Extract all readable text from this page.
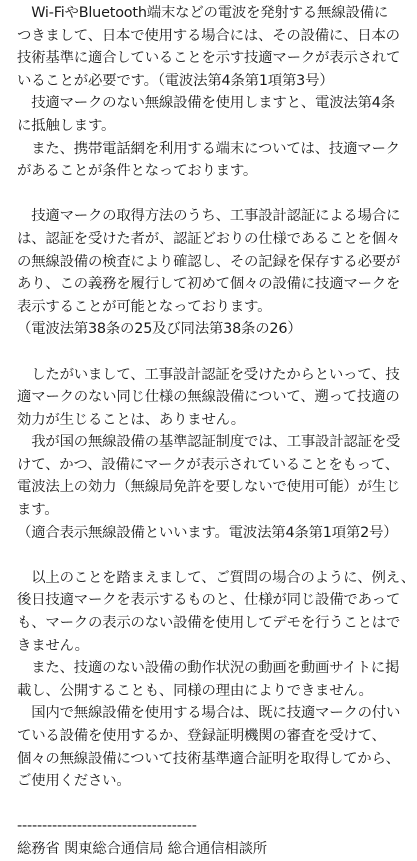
　Wi-FiやBluetooth端末などの電波を発射する無線設備に
つきまして、日本で使用する場合には、その設備に、日本の
技術基準に適合していることを示す技適マークが表示されて
いることが必要です。（電波法第4条第1項第3号）
　技適マークのない無線設備を使用しますと、電波法第4条
に抵触します。
　また、携帯電話網を利用する端末については、技適マーク
があることが条件となっております。
　技適マークの取得方法のうち、工事設計認証による場合に
は、認証を受けた者が、認証どおりの仕様であることを個々
の無線設備の検査により確認し、その記録を保存する必要が
あり、この義務を履行して初めて個々の設備に技適マークを
表示することが可能となっております。
（電波法第38条の25及び同法第38条の26）
　したがいまして、工事設計認証を受けたからといって、技
適マークのない同じ仕様の無線設備について、遡って技適の
効力が生じることは、ありません。
　我が国の無線設備の基準認証制度では、工事設計認証を受
けて、かつ、設備にマークが表示されていることをもって、
電波法上の効力（無線局免許を要しないで使用可能）が生じ
ます。
（適合表示無線設備といいます。電波法第4条第1項第2号）
　以上のことを踏まえまして、ご質問の場合のように、例え、
後日技適マークを表示するものと、仕様が同じ設備であって
も、マークの表示のない設備を使用してデモを行うことはで
きません。
　また、技適のない設備の動作状況の動画を動画サイトに掲
載し、公開することも、同様の理由によりできません。
　国内で無線設備を使用する場合は、既に技適マークの付い
ている設備を使用するか、登録証明機関の審査を受けて、
個々の無線設備について技術基準適合証明を取得してから、
ご使用ください。
------------------------------------
総務省 関東総合通信局 総合通信相談所
